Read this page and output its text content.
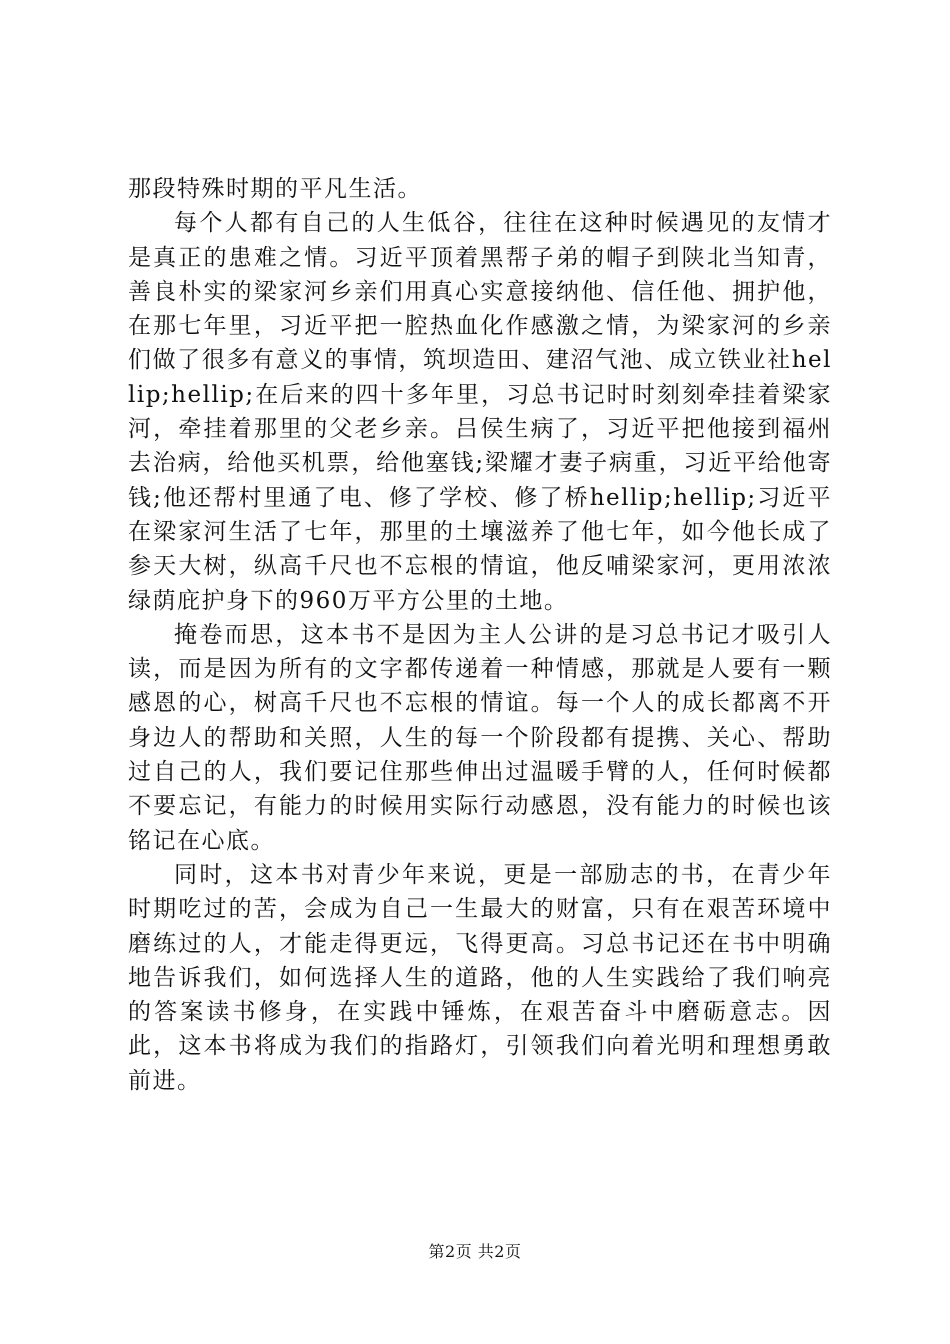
那段特殊时期的平凡生活。

每个人都有自己的人生低谷，往往在这种时候遇见的友情才是真正的患难之情。习近平顶着黑帮子弟的帽子到陕北当知青，善良朴实的梁家河乡亲们用真心实意接纳他、信任他、拥护他，在那七年里，习近平把一腔热血化作感激之情，为梁家河的乡亲们做了很多有意义的事情，筑坝造田、建沼气池、成立铁业社hellip;hellip;在后来的四十多年里，习总书记时时刻刻牵挂着梁家河，牵挂着那里的父老乡亲。吕侯生病了，习近平把他接到福州去治病，给他买机票，给他塞钱;梁耀才妻子病重，习近平给他寄钱;他还帮村里通了电、修了学校、修了桥hellip;hellip;习近平在梁家河生活了七年，那里的土壤滋养了他七年，如今他长成了参天大树，纵高千尺也不忘根的情谊，他反哺梁家河，更用浓浓绿荫庇护身下的960万平方公里的土地。

掩卷而思，这本书不是因为主人公讲的是习总书记才吸引人读，而是因为所有的文字都传递着一种情感，那就是人要有一颗感恩的心，树高千尺也不忘根的情谊。每一个人的成长都离不开身边人的帮助和关照，人生的每一个阶段都有提携、关心、帮助过自己的人，我们要记住那些伸出过温暖手臂的人，任何时候都不要忘记，有能力的时候用实际行动感恩，没有能力的时候也该铭记在心底。

同时，这本书对青少年来说，更是一部励志的书，在青少年时期吃过的苦，会成为自己一生最大的财富，只有在艰苦环境中磨练过的人，才能走得更远，飞得更高。习总书记还在书中明确地告诉我们，如何选择人生的道路，他的人生实践给了我们响亮的答案读书修身，在实践中锤炼，在艰苦奋斗中磨砺意志。因此，这本书将成为我们的指路灯，引领我们向着光明和理想勇敢前进。

第2页 共2页
